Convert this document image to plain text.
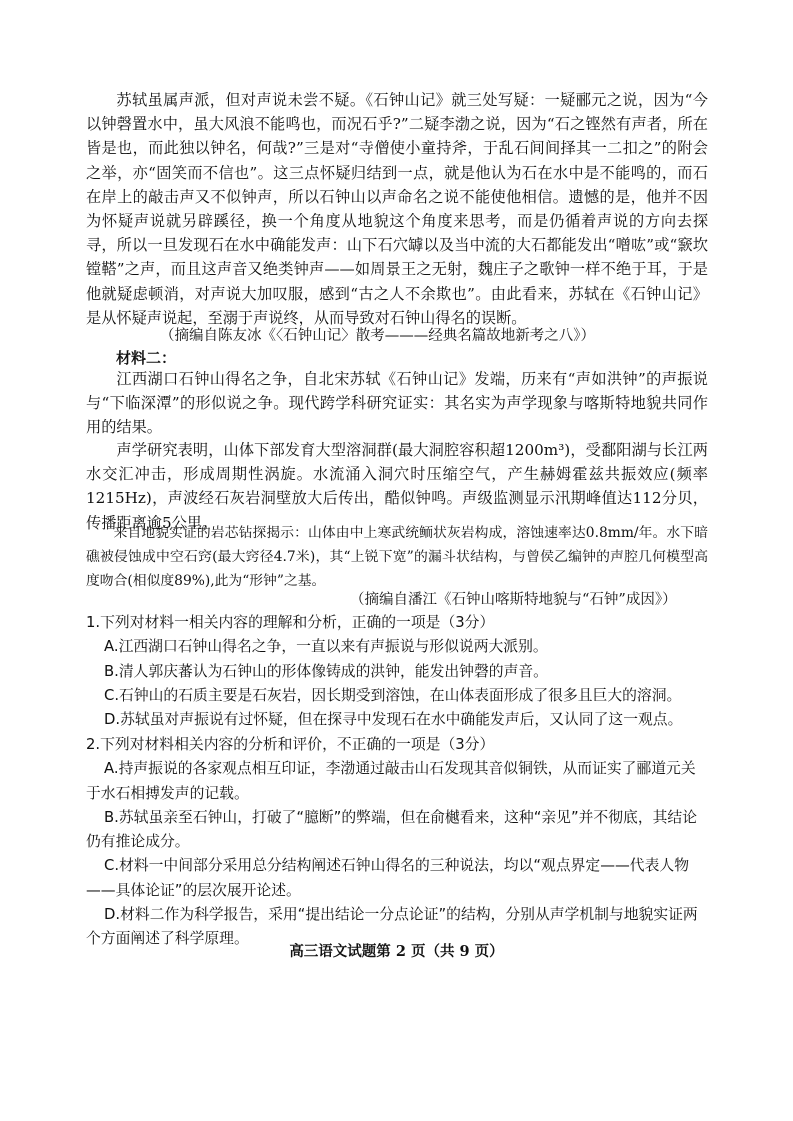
苏轼虽属声派，但对声说未尝不疑。《石钟山记》就三处写疑：一疑郦元之说，因为“今以钟磬置水中，虽大风浪不能鸣也，而况石乎?”二疑李渤之说，因为“石之铿然有声者，所在皆是也，而此独以钟名，何哉?”三是对“寺僧使小童持斧，于乱石间间择其一二扣之”的附会之举，亦“固笑而不信也”。这三点怀疑归结到一点，就是他认为石在水中是不能鸣的，而石在岸上的敲击声又不似钟声，所以石钟山以声命名之说不能使他相信。遗憾的是，他并不因为怀疑声说就另辟蹊径，换一个角度从地貌这个角度来思考，而是仍循着声说的方向去探寻，所以一旦发现石在水中确能发声：山下石穴罅以及当中流的大石都能发出“噌吰”或“窾坎镗鞳”之声，而且这声音又绝类钟声——如周景王之无射，魏庄子之歌钟一样不绝于耳，于是他就疑虑顿消，对声说大加叹服，感到“古之人不余欺也”。由此看来，苏轼在《石钟山记》是从怀疑声说起，至溺于声说终，从而导致对石钟山得名的误断。

（摘编自陈友冰《〈石钟山记〉散考———经典名篇故地新考之八》）
材料二：

江西湖口石钟山得名之争，自北宋苏轼《石钟山记》发端，历来有“声如洪钟”的声振说与“下临深潭”的形似说之争。现代跨学科研究证实：其名实为声学现象与喀斯特地貌共同作用的结果。

声学研究表明，山体下部发育大型溶洞群(最大洞腔容积超1200m³)，受鄱阳湖与长江两水交汇冲击，形成周期性涡旋。水流涌入洞穴时压缩空气，产生赫姆霍兹共振效应(频率1215Hz)，声波经石灰岩洞壁放大后传出，酷似钟鸣。声级监测显示汛期峰值达112分贝，传播距离逾5公里。

来自地貌实证的岩芯钻探揭示：山体由中上寒武统鲕状灰岩构成，溶蚀速率达0.8mm/年。水下暗礁被侵蚀成中空石窍(最大窍径4.7米)，其“上锐下宽”的漏斗状结构，与曾侯乙编钟的声腔几何模型高度吻合(相似度89%),此为“形钟”之基。

（摘编自潘江《石钟山喀斯特地貌与“石钟”成因》）
1.下列对材料一相关内容的理解和分析，正确的一项是（3分）
A.江西湖口石钟山得名之争，一直以来有声振说与形似说两大派别。
B.清人郭庆蕃认为石钟山的形体像铸成的洪钟，能发出钟磬的声音。
C.石钟山的石质主要是石灰岩，因长期受到溶蚀，在山体表面形成了很多且巨大的溶洞。
D.苏轼虽对声振说有过怀疑，但在探寻中发现石在水中确能发声后，又认同了这一观点。
2.下列对材料相关内容的分析和评价，不正确的一项是（3分）
A.持声振说的各家观点相互印证，李渤通过敲击山石发现其音似铜铁，从而证实了郦道元关于水石相搏发声的记载。
B.苏轼虽亲至石钟山，打破了“臆断”的弊端，但在俞樾看来，这种“亲见”并不彻底，其结论仍有推论成分。
C.材料一中间部分采用总分结构阐述石钟山得名的三种说法，均以“观点界定——代表人物——具体论证”的层次展开论述。
D.材料二作为科学报告，采用“提出结论一分点论证”的结构，分别从声学机制与地貌实证两个方面阐述了科学原理。
高三语文试题第 2 页（共 9 页）
